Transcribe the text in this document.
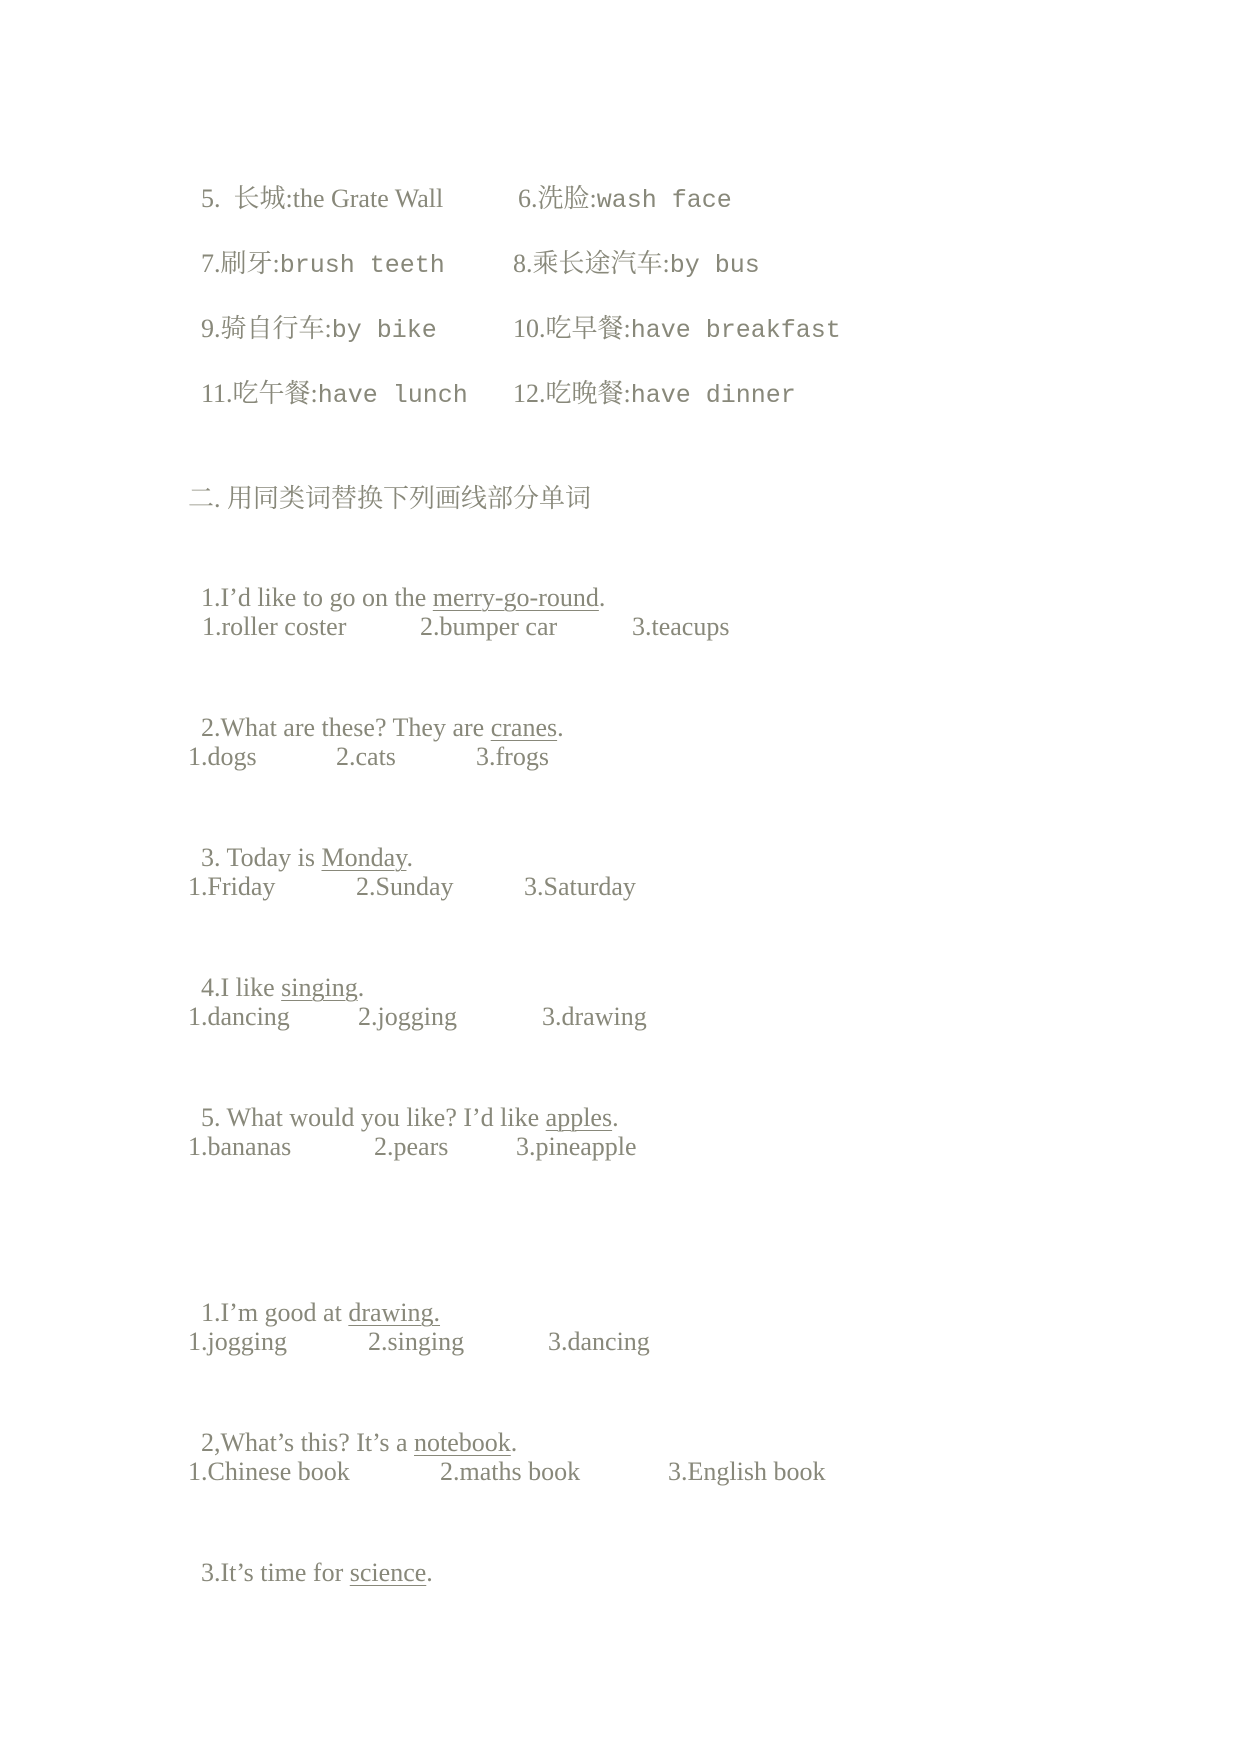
5.  长城:the Grate Wall	6.洗脸:wash face

7.刷牙:brush teeth	8.乘长途汽车:by bus

9.骑自行车:by bike	10.吃早餐:have breakfast

11.吃午餐:have lunch	12.吃晚餐:have dinner

二. 用同类词替换下列画线部分单词

1.I’d like to go on the merry-go-round.

1.roller coster	2.bumper car	3.teacups

2.What are these? They are cranes.

1.dogs	2.cats	3.frogs

3. Today is Monday.

1.Friday	2.Sunday	3.Saturday

4.I like singing.

1.dancing	2.jogging	3.drawing

5. What would you like? I’d like apples.

1.bananas	2.pears	3.pineapple

1.I’m good at drawing.

1.jogging	2.singing	3.dancing

2,What’s this? It’s a notebook.

1.Chinese book	2.maths book	3.English book

3.It’s time for science.
